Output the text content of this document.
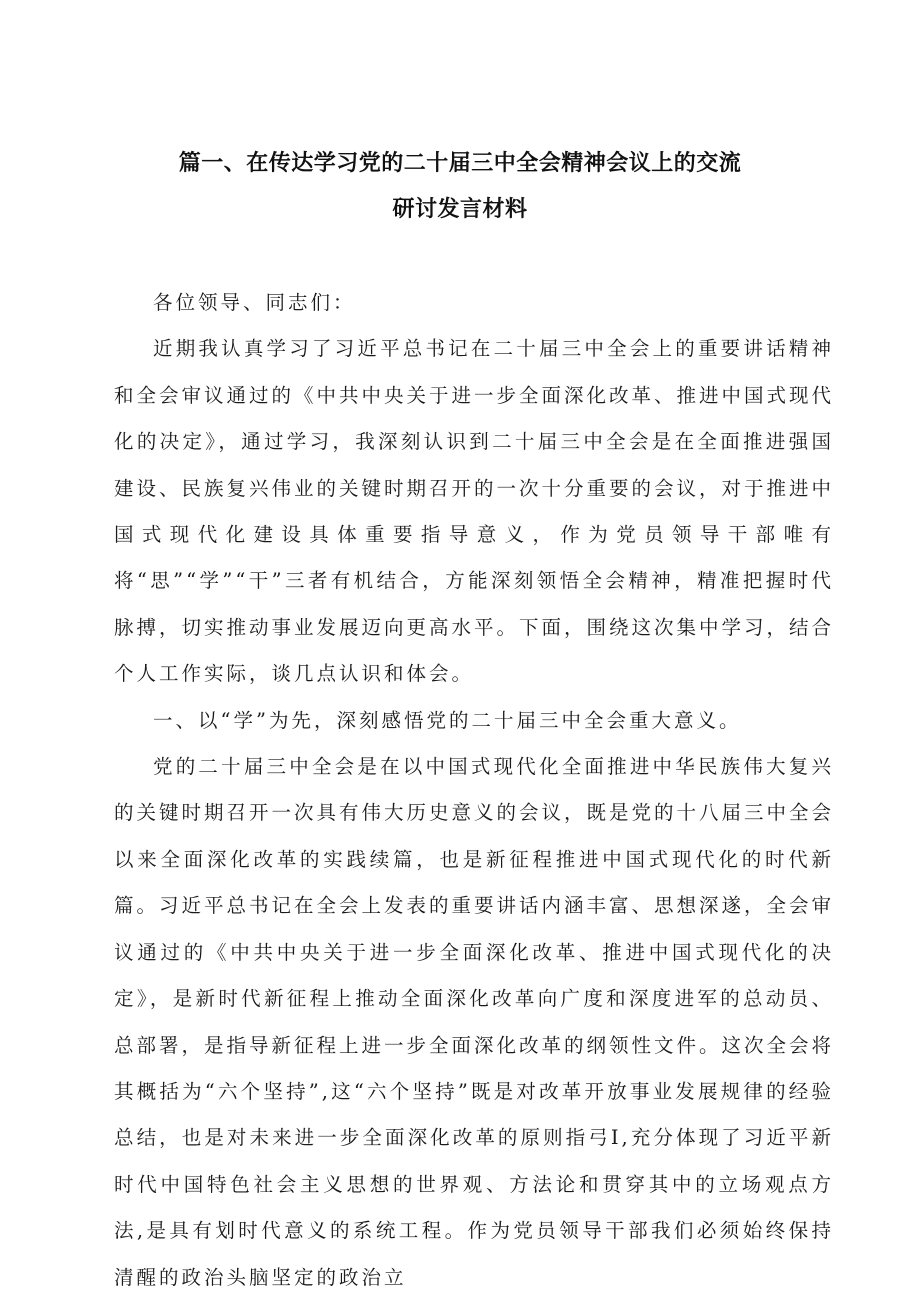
篇一、在传达学习党的二十届三中全会精神会议上的交流
研讨发言材料

各位领导、同志们：

近期我认真学习了习近平总书记在二十届三中全会上的重要讲话精神和全会审议通过的《中共中央关于进一步全面深化改革、推进中国式现代化的决定》，通过学习，我深刻认识到二十届三中全会是在全面推进强国建设、民族复兴伟业的关键时期召开的一次十分重要的会议，对于推进中国式现代化建设具体重要指导意义，作为党员领导干部唯有将“思”“学”“干”三者有机结合，方能深刻领悟全会精神，精准把握时代脉搏，切实推动事业发展迈向更高水平。下面，围绕这次集中学习，结合个人工作实际，谈几点认识和体会。

一、以“学”为先，深刻感悟党的二十届三中全会重大意义。

党的二十届三中全会是在以中国式现代化全面推进中华民族伟大复兴的关键时期召开一次具有伟大历史意义的会议，既是党的十八届三中全会以来全面深化改革的实践续篇，也是新征程推进中国式现代化的时代新篇。习近平总书记在全会上发表的重要讲话内涵丰富、思想深遂，全会审议通过的《中共中央关于进一步全面深化改革、推进中国式现代化的决定》，是新时代新征程上推动全面深化改革向广度和深度进军的总动员、总部署，是指导新征程上进一步全面深化改革的纲领性文件。这次全会将其概括为“六个坚持”,这“六个坚持”既是对改革开放事业发展规律的经验总结，也是对未来进一步全面深化改革的原则指弓I,充分体现了习近平新时代中国特色社会主义思想的世界观、方法论和贯穿其中的立场观点方法,是具有划时代意义的系统工程。作为党员领导干部我们必须始终保持清醒的政治头脑坚定的政治立
